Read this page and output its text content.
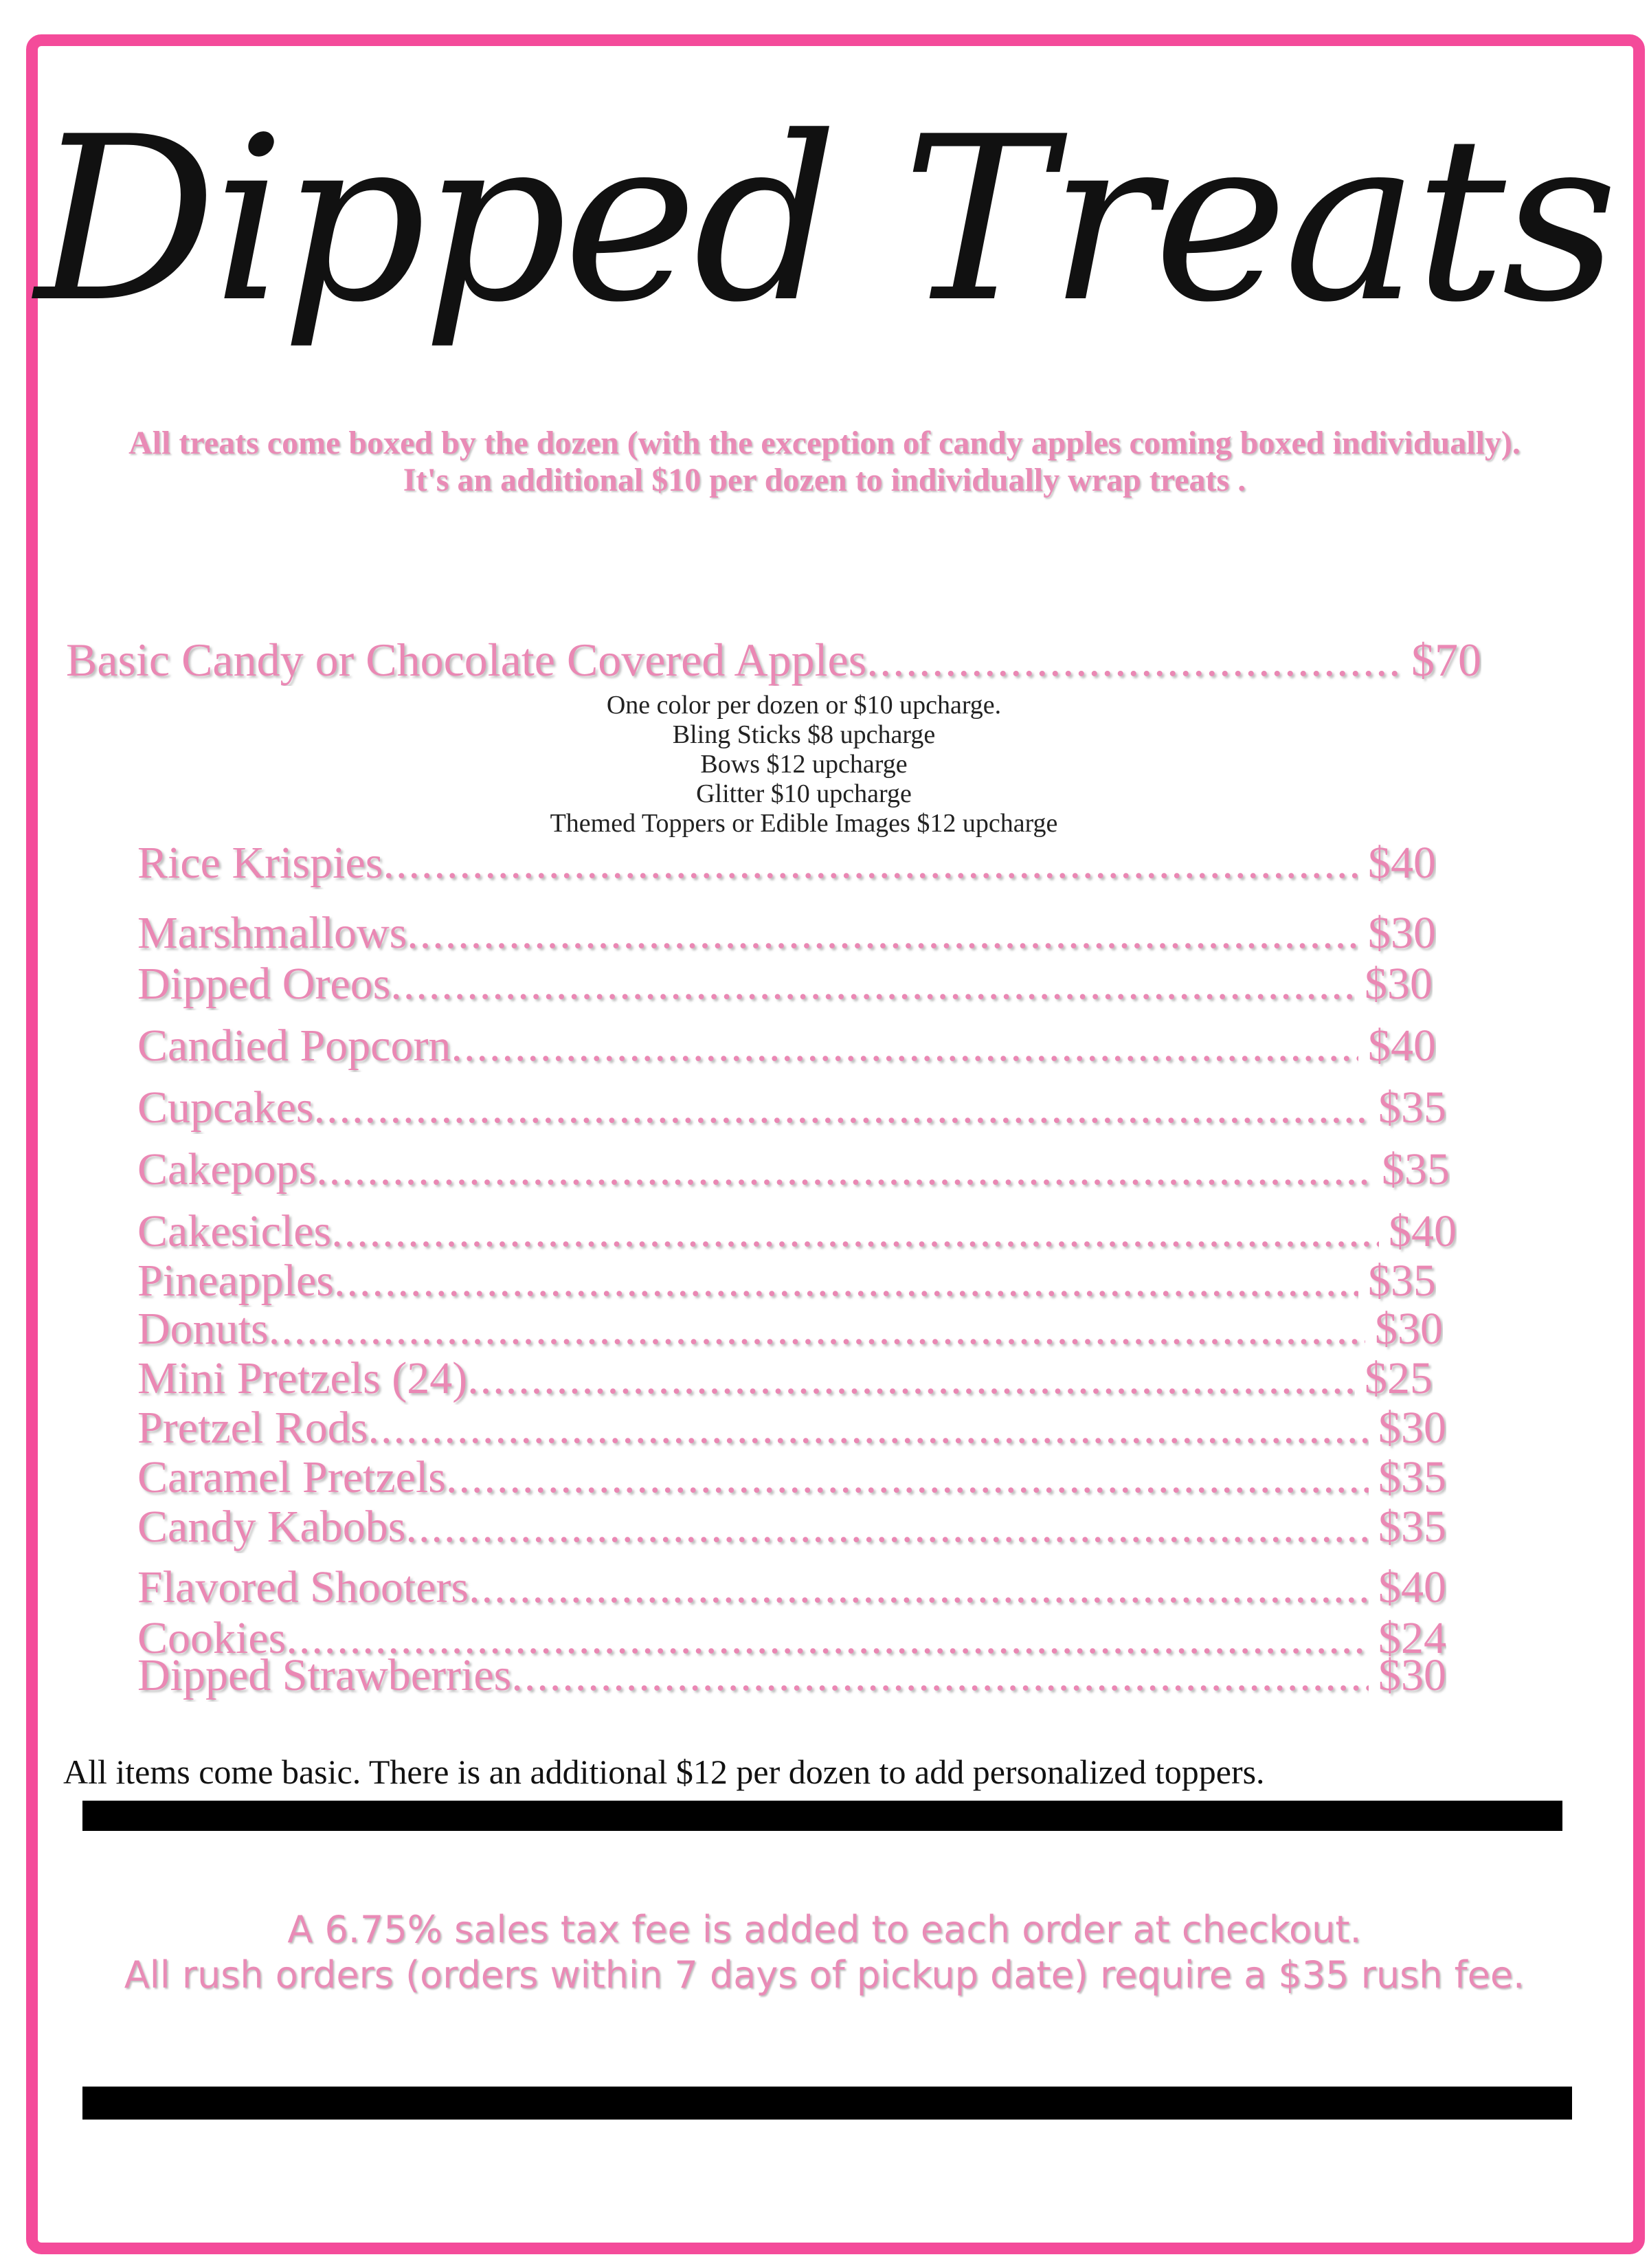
Dipped Treats
All treats come boxed by the dozen (with the exception of candy apples coming boxed individually).
It's an additional $10 per dozen to individually wrap treats .
Basic Candy or Chocolate Covered Apples .....	$70
One color per dozen or $10 upcharge.
Bling Sticks $8 upcharge
Bows $12 upcharge
Glitter $10 upcharge
Themed Toppers or Edible Images $12 upcharge
Rice Krispies .....	$40
Marshmallows .....	$30
Dipped Oreos .....	$30
Candied Popcorn .....	$40
Cupcakes .....	$35
Cakepops .....	$35
Cakesicles .....	$40
Pineapples .....	$35
Donuts .....	$30
Mini Pretzels (24) .....	$25
Pretzel Rods .....	$30
Caramel Pretzels .....	$35
Candy Kabobs .....	$35
Flavored Shooters .....	$40
Cookies .....	$24
Dipped Strawberries .....	$30
All items come basic. There is an additional $12 per dozen to add personalized toppers.
A 6.75% sales tax fee is added to each order at checkout.
All rush orders (orders within 7 days of pickup date) require a $35 rush fee.
